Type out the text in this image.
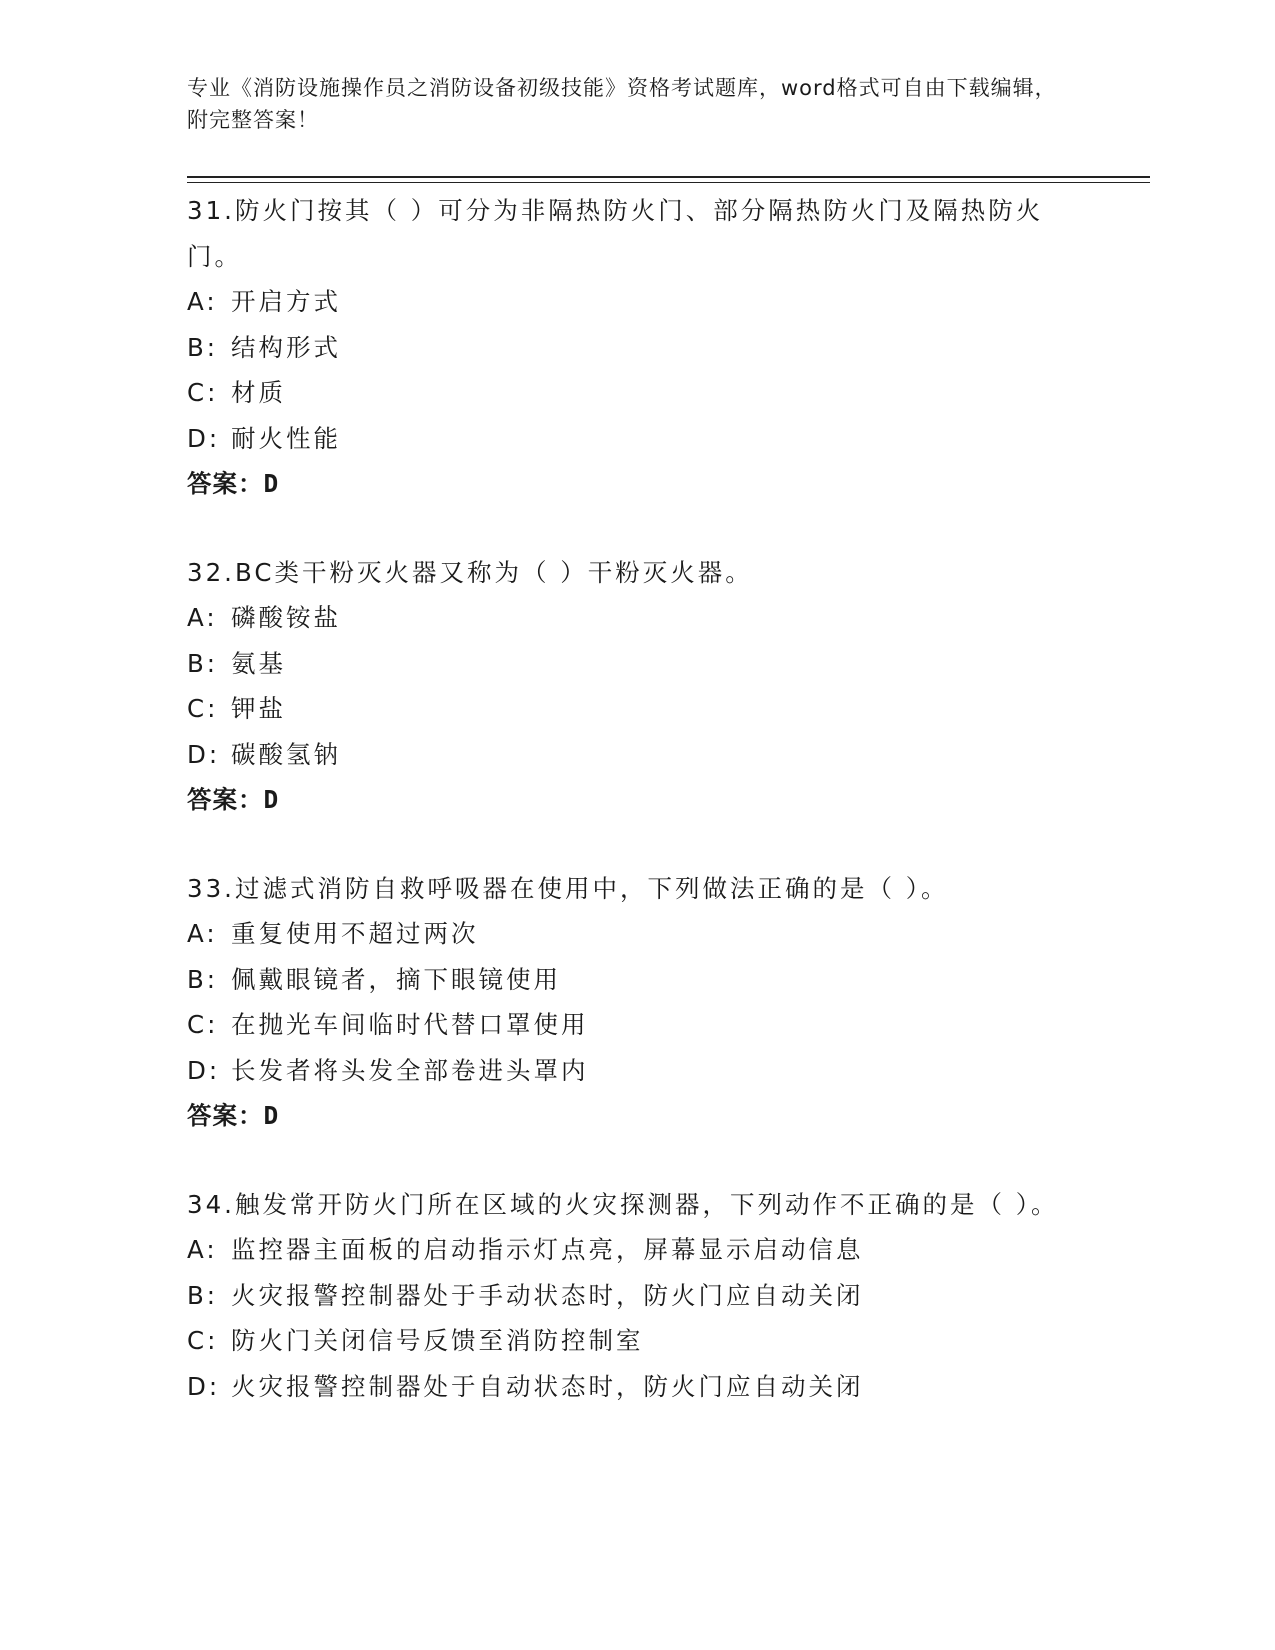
专业《消防设施操作员之消防设备初级技能》资格考试题库，word格式可自由下载编辑，附完整答案！
31.防火门按其（ ）可分为非隔热防火门、部分隔热防火门及隔热防火门。
A: 开启方式
B: 结构形式
C: 材质
D: 耐火性能
答案：D
32.BC类干粉灭火器又称为（ ）干粉灭火器。
A: 磷酸铵盐
B: 氨基
C: 钾盐
D: 碳酸氢钠
答案：D
33.过滤式消防自救呼吸器在使用中，下列做法正确的是（ ）。
A: 重复使用不超过两次
B: 佩戴眼镜者，摘下眼镜使用
C: 在抛光车间临时代替口罩使用
D: 长发者将头发全部卷进头罩内
答案：D
34.触发常开防火门所在区域的火灾探测器，下列动作不正确的是（ ）。
A: 监控器主面板的启动指示灯点亮，屏幕显示启动信息
B: 火灾报警控制器处于手动状态时，防火门应自动关闭
C: 防火门关闭信号反馈至消防控制室
D: 火灾报警控制器处于自动状态时，防火门应自动关闭
